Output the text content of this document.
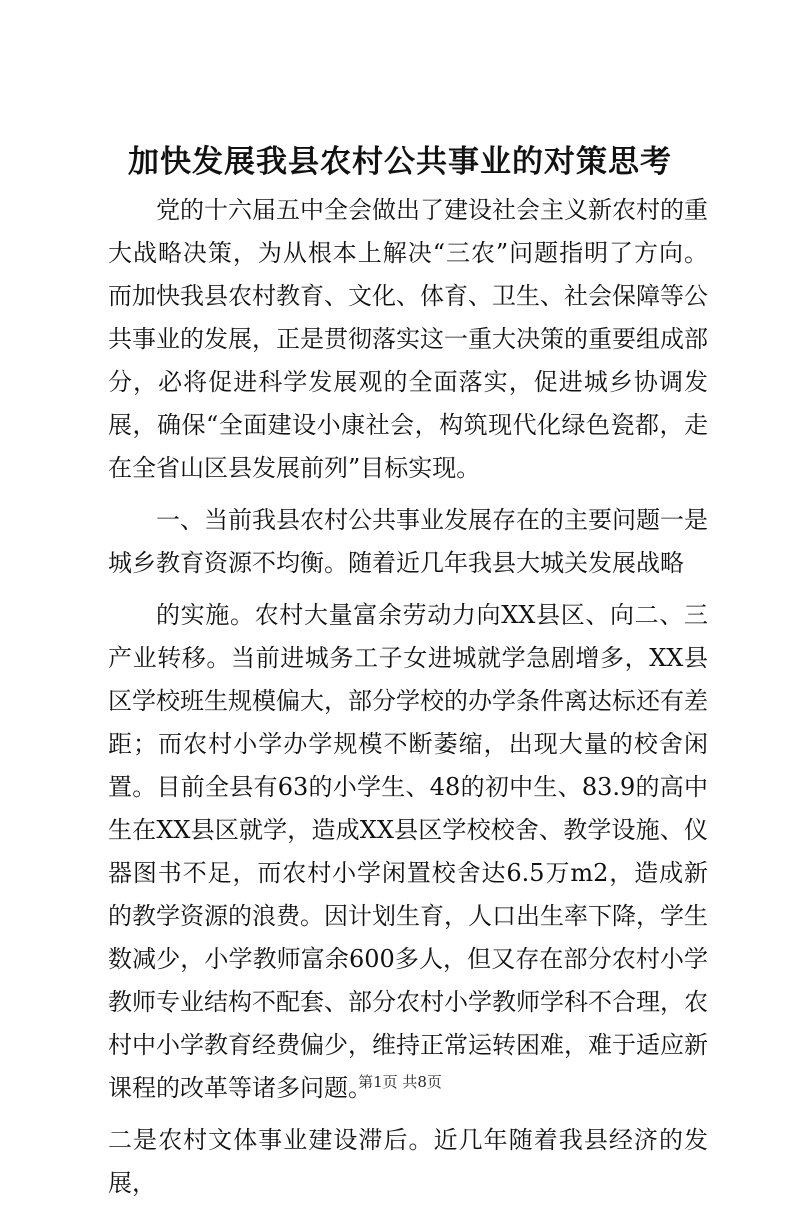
加快发展我县农村公共事业的对策思考

党的十六届五中全会做出了建设社会主义新农村的重大战略决策，为从根本上解决“三农”问题指明了方向。而加快我县农村教育、文化、体育、卫生、社会保障等公共事业的发展，正是贯彻落实这一重大决策的重要组成部分，必将促进科学发展观的全面落实，促进城乡协调发展，确保“全面建设小康社会，构筑现代化绿色瓷都，走在全省山区县发展前列”目标实现。

一、当前我县农村公共事业发展存在的主要问题一是城乡教育资源不均衡。随着近几年我县大城关发展战略

的实施。农村大量富余劳动力向XX县区、向二、三产业转移。当前进城务工子女进城就学急剧增多，XX县区学校班生规模偏大，部分学校的办学条件离达标还有差距；而农村小学办学规模不断萎缩，出现大量的校舍闲置。目前全县有63的小学生、48的初中生、83.9的高中生在XX县区就学，造成XX县区学校校舍、教学设施、仪器图书不足，而农村小学闲置校舍达6.5万m2，造成新的教学资源的浪费。因计划生育，人口出生率下降，学生数减少，小学教师富余600多人，但又存在部分农村小学教师专业结构不配套、部分农村小学教师学科不合理，农村中小学教育经费偏少，维持正常运转困难，难于适应新课程的改革等诸多问题。

二是农村文体事业建设滞后。近几年随着我县经济的发展，

第1页 共8页
